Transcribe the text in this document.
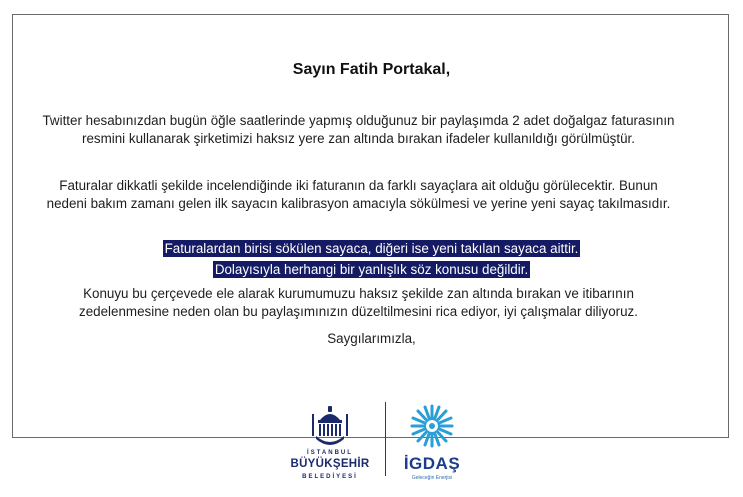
Sayın Fatih Portakal,
Twitter hesabınızdan bugün öğle saatlerinde yapmış olduğunuz bir paylaşımda 2 adet doğalgaz faturasının resmini kullanarak şirketimizi haksız yere zan altında bırakan ifadeler kullanıldığı görülmüştür.
Faturalar dikkatli şekilde incelendiğinde iki faturanın da farklı sayaçlara ait olduğu görülecektir. Bunun nedeni bakım zamanı gelen ilk sayacın kalibrasyon amacıyla sökülmesi ve yerine yeni sayaç takılmasıdır.
Faturalardan birisi sökülen sayaca, diğeri ise yeni takılan sayaca aittir.
Dolayısıyla herhangi bir yanlışlık söz konusu değildir.
Konuyu bu çerçevede ele alarak kurumumuzu haksız şekilde zan altında bırakan ve itibarının zedelenmesine neden olan bu paylaşımınızın düzeltilmesini rica ediyor, iyi çalışmalar diliyoruz.
Saygılarımızla,
İSTANBUL
BÜYÜKŞEHİR
BELEDİYESİ
İGDAŞ
Geleceğin Enerjisi
